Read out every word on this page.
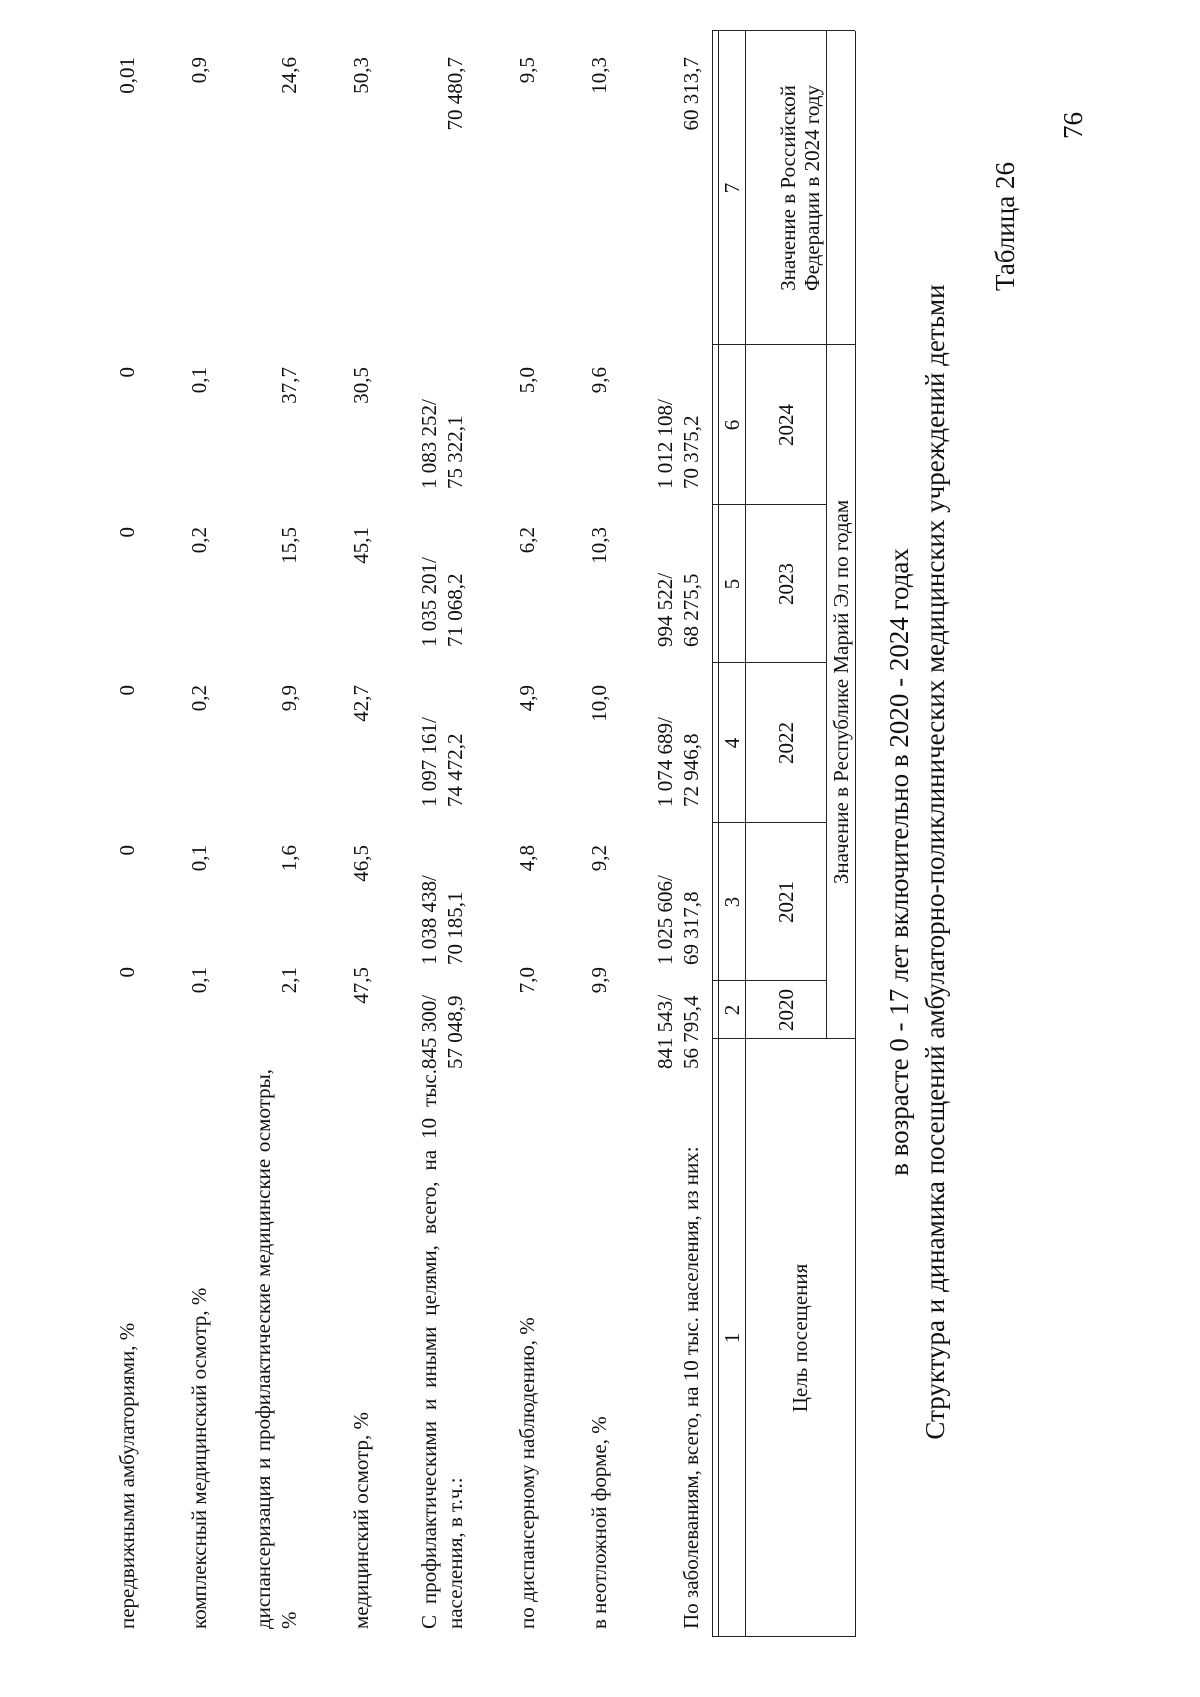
76
Таблица 26
Структура и динамика посещений амбулаторно-поликлинических медицинских учреждений детьми
в возрасте 0 - 17 лет включительно в 2020 - 2024 годах
Цель посещения
Значение в Республике Марий Эл по годам
2020
2021
2022
2023
2024
Значение в Российской Федерации в 2024 году
1
2
3
4
5
6
7
По заболеваниям, всего, на 10 тыс. населения, из них:
841 543/ 56 795,4
1 025 606/ 69 317,8
1 074 689/ 72 946,8
994 522/ 68 275,5
1 012 108/ 70 375,2
60 313,7
в неотложной форме, %
9,9
9,2
10,0
10,3
9,6
10,3
по диспансерному наблюдению, %
7,0
4,8
4,9
6,2
5,0
9,5
С профилактическими и иными целями, всего, на 10 тыс. населения, в т.ч.:
845 300/ 57 048,9
1 038 438/ 70 185,1
1 097 161/ 74 472,2
1 035 201/ 71 068,2
1 083 252/ 75 322,1
70 480,7
медицинский осмотр, %
47,5
46,5
42,7
45,1
30,5
50,3
диспансеризация и профилактические медицинские осмотры, %
2,1
1,6
9,9
15,5
37,7
24,6
комплексный медицинский осмотр, %
0,1
0,1
0,2
0,2
0,1
0,9
передвижными амбулаториями, %
0
0
0
0
0
0,01
